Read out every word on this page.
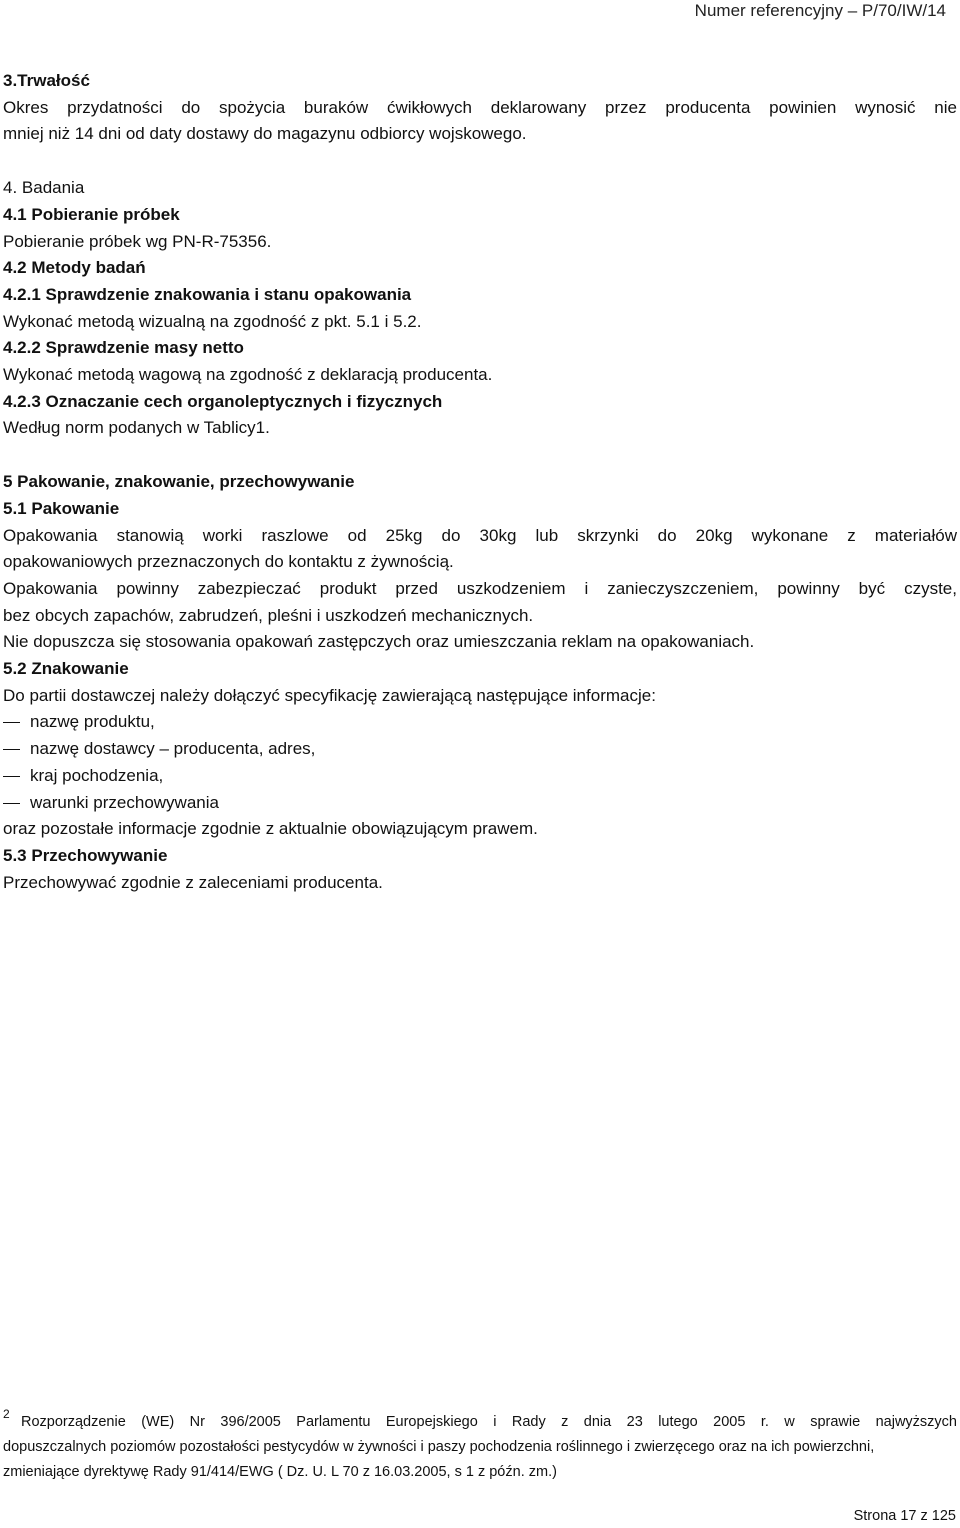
Numer referencyjny – P/70/IW/14
3.Trwałość
Okres przydatności do spożycia buraków ćwikłowych deklarowany przez producenta powinien wynosić nie
mniej niż 14 dni od daty dostawy do magazynu odbiorcy wojskowego.
4. Badania
4.1 Pobieranie próbek
Pobieranie próbek wg PN-R-75356.
4.2 Metody badań
4.2.1 Sprawdzenie znakowania i stanu opakowania
Wykonać metodą wizualną na zgodność z pkt. 5.1 i 5.2.
4.2.2 Sprawdzenie masy netto
Wykonać metodą wagową na zgodność z deklaracją producenta.
4.2.3 Oznaczanie cech organoleptycznych i fizycznych
Według norm podanych w Tablicy1.
5 Pakowanie, znakowanie, przechowywanie
5.1 Pakowanie
Opakowania stanowią worki raszlowe od 25kg do 30kg lub skrzynki do 20kg wykonane z materiałów
opakowaniowych przeznaczonych do kontaktu z żywnością.
Opakowania powinny zabezpieczać produkt przed uszkodzeniem i zanieczyszczeniem, powinny być czyste,
bez obcych zapachów, zabrudzeń, pleśni i uszkodzeń mechanicznych.
Nie dopuszcza się stosowania opakowań zastępczych oraz umieszczania reklam na opakowaniach.
5.2 Znakowanie
Do partii dostawczej należy dołączyć specyfikację zawierającą następujące informacje:
nazwę produktu,
nazwę dostawcy – producenta, adres,
kraj pochodzenia,
warunki przechowywania
oraz pozostałe informacje zgodnie z aktualnie obowiązującym prawem.
5.3 Przechowywanie
Przechowywać zgodnie z zaleceniami producenta.
2 Rozporządzenie (WE) Nr 396/2005 Parlamentu Europejskiego i Rady z dnia 23 lutego 2005 r. w sprawie najwyższych
dopuszczalnych poziomów pozostałości pestycydów w żywności i paszy pochodzenia roślinnego i zwierzęcego oraz na ich powierzchni,
zmieniające dyrektywę Rady 91/414/EWG ( Dz. U. L 70 z 16.03.2005, s 1 z późn. zm.)
Strona 17 z 125
